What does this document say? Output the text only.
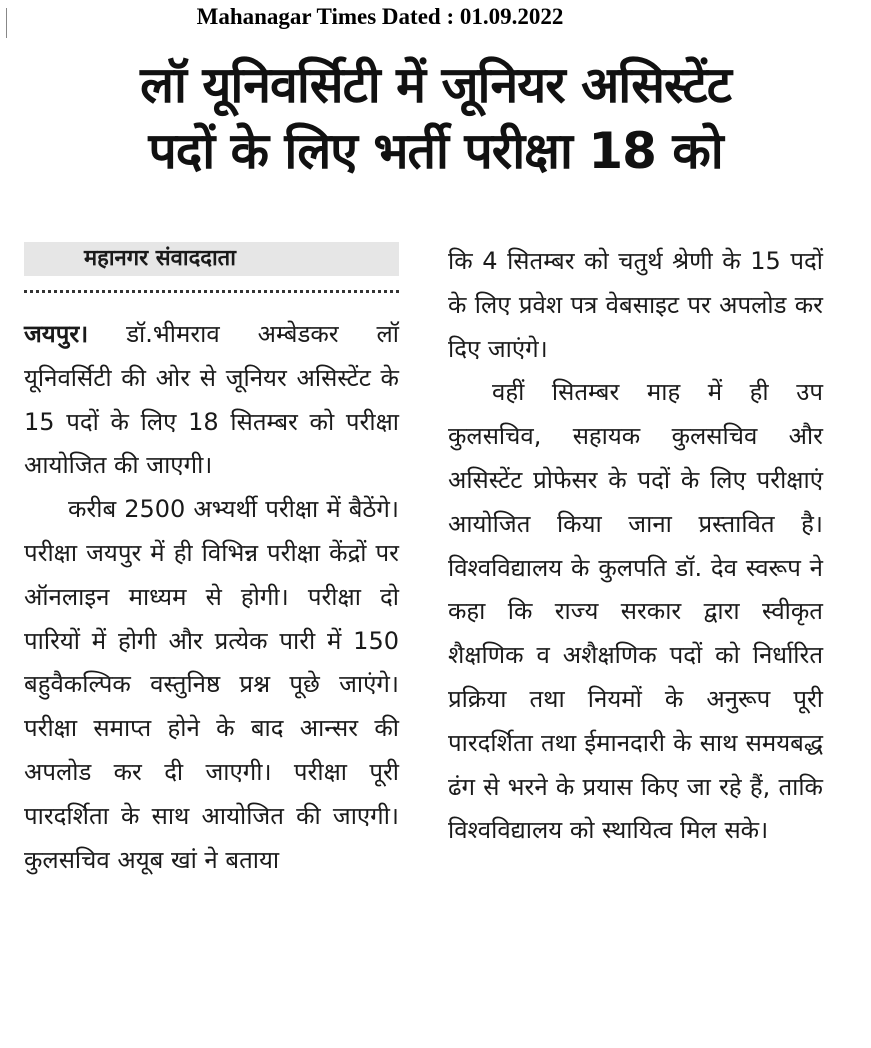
Mahanagar Times Dated : 01.09.2022
लॉ यूनिवर्सिटी में जूनियर असिस्टेंट
पदों के लिए भर्ती परीक्षा 18 को
महानगर संवाददाता

जयपुर। डॉ.भीमराव अम्बेडकर लॉ यूनिवर्सिटी की ओर से जूनियर असिस्टेंट के 15 पदों के लिए 18 सितम्बर को परीक्षा आयोजित की जाएगी।

करीब 2500 अभ्यर्थी परीक्षा में बैठेंगे। परीक्षा जयपुर में ही विभिन्न परीक्षा केंद्रों पर ऑनलाइन माध्यम से होगी। परीक्षा दो पारियों में होगी और प्रत्येक पारी में 150 बहुवैकल्पिक वस्तुनिष्ठ प्रश्न पूछे जाएंगे। परीक्षा समाप्त होने के बाद आन्सर की अपलोड कर दी जाएगी। परीक्षा पूरी पारदर्शिता के साथ आयोजित की जाएगी। कुलसचिव अयूब खां ने बताया

कि 4 सितम्बर को चतुर्थ श्रेणी के 15 पदों के लिए प्रवेश पत्र वेबसाइट पर अपलोड कर दिए जाएंगे।

वहीं सितम्बर माह में ही उप कुलसचिव, सहायक कुलसचिव और असिस्टेंट प्रोफेसर के पदों के लिए परीक्षाएं आयोजित किया जाना प्रस्तावित है। विश्वविद्यालय के कुलपति डॉ. देव स्वरूप ने कहा कि राज्य सरकार द्वारा स्वीकृत शैक्षणिक व अशैक्षणिक पदों को निर्धारित प्रक्रिया तथा नियमों के अनुरूप पूरी पारदर्शिता तथा ईमानदारी के साथ समयबद्ध ढंग से भरने के प्रयास किए जा रहे हैं, ताकि विश्वविद्यालय को स्थायित्व मिल सके।
